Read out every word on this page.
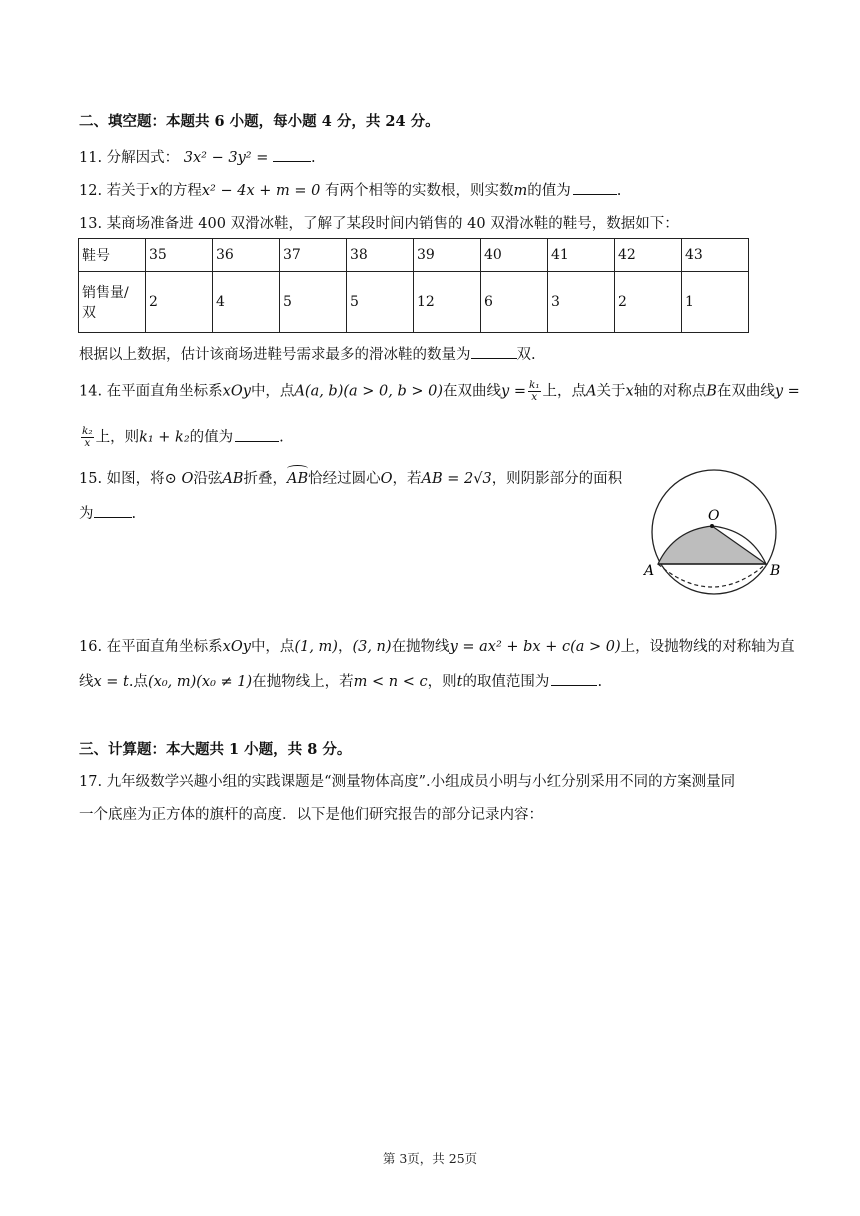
二、填空题：本题共 6 小题，每小题 4 分，共 24 分。
11. 分解因式： 3x² − 3y² =	.
12. 若关于x的方程x² − 4x + m = 0 有两个相等的实数根，则实数m的值为	.
13. 某商场准备进 400 双滑冰鞋，了解了某段时间内销售的 40 双滑冰鞋的鞋号，数据如下：
鞋号	35	36	37	38	39	40	41	42	43
销售量/
双	2	4	5	5	12	6	3	2	1
根据以上数据，估计该商场进鞋号需求最多的滑冰鞋的数量为	双.
14. 在平面直角坐标系xOy中，点A(a, b)(a > 0, b > 0)在双曲线$y = \frac{\text{k₁}}{x}$ 上，点A关于x轴的对称点B在双曲线y =
$\frac{\text{k₂}}{x}$ 上，则k₁ + k₂的值为	.
15. 如图，将⊙ O沿弦AB折叠，AB恰经过圆心O，若AB = 2√3，则阴影部分的面积
为	.	O
A	B
16. 在平面直角坐标系xOy中，点(1, m)，(3, n)在抛物线y = ax² + bx + c(a > 0)上，设抛物线的对称轴为直
线x = t.点(x₀, m)(x₀ ≠ 1)在抛物线上，若m < n < c，则t的取值范围为	.
三、计算题：本大题共 1 小题，共 8 分。
17. 九年级数学兴趣小组的实践课题是“测量物体高度”.小组成员小明与小红分别采用不同的方案测量同
一个底座为正方体的旗杆的高度．以下是他们研究报告的部分记录内容：
第 3页，共 25页
